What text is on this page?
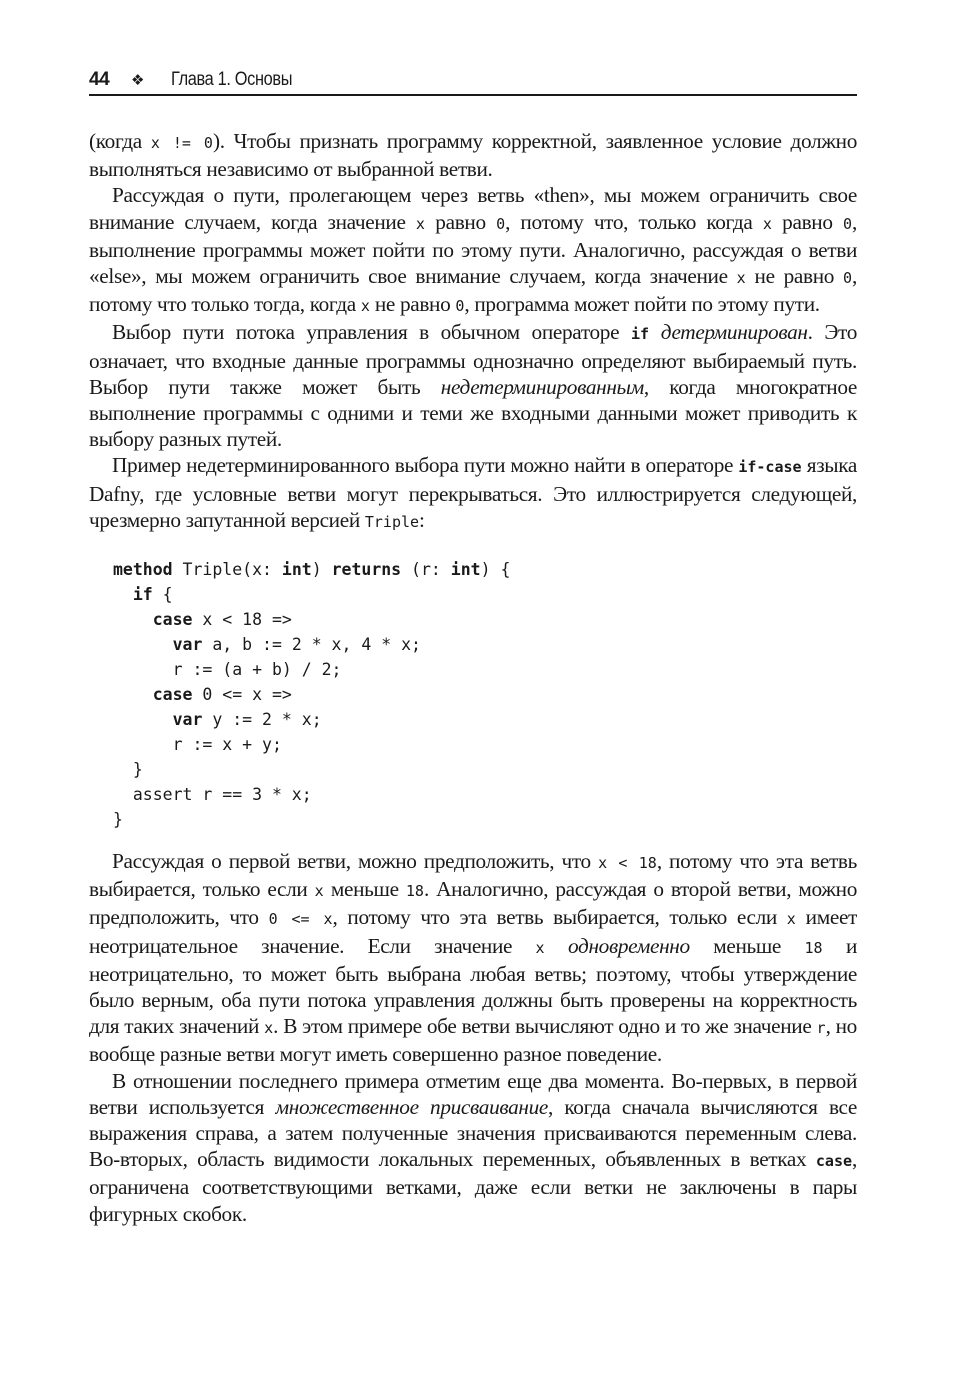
44	❖	Глава 1. Основы

(когда x != 0). Чтобы признать программу корректной, заявленное условие должно выполняться независимо от выбранной ветви.

Рассуждая о пути, пролегающем через ветвь «then», мы можем ограничить свое внимание случаем, когда значение x равно 0, потому что, только когда x равно 0, выполнение программы может пойти по этому пути. Аналогично, рассуждая о ветви «else», мы можем ограничить свое внимание случаем, когда значение x не равно 0, потому что только тогда, когда x не равно 0, программа может пойти по этому пути.

Выбор пути потока управления в обычном операторе if детерминирован. Это означает, что входные данные программы однозначно определяют выбираемый путь. Выбор пути также может быть недетерминированным, когда многократное выполнение программы с одними и теми же входными данными может приводить к выбору разных путей.

Пример недетерминированного выбора пути можно найти в операторе if-case языка Dafny, где условные ветви могут перекрываться. Это иллюстрируется следующей, чрезмерно запутанной версией Triple:

method Triple(x: int) returns (r: int) {
if {
case x < 18 =>
var a, b := 2 * x, 4 * x;
r := (a + b) / 2;
case 0 <= x =>
var y := 2 * x;
r := x + y;
}
assert r == 3 * x;
}

Рассуждая о первой ветви, можно предположить, что x < 18, потому что эта ветвь выбирается, только если x меньше 18. Аналогично, рассуждая о второй ветви, можно предположить, что 0 <= x, потому что эта ветвь выбирается, только если x имеет неотрицательное значение. Если значение x одновременно меньше 18 и неотрицательно, то может быть выбрана любая ветвь; поэтому, чтобы утверждение было верным, оба пути потока управления должны быть проверены на корректность для таких значений x. В этом примере обе ветви вычисляют одно и то же значение r, но вообще разные ветви могут иметь совершенно разное поведение.

В отношении последнего примера отметим еще два момента. Во-первых, в первой ветви используется множественное присваивание, когда сначала вычисляются все выражения справа, а затем полученные значения присваиваются переменным слева. Во-вторых, область видимости локальных переменных, объявленных в ветках case, ограничена соответствующими ветками, даже если ветки не заключены в пары фигурных скобок.
